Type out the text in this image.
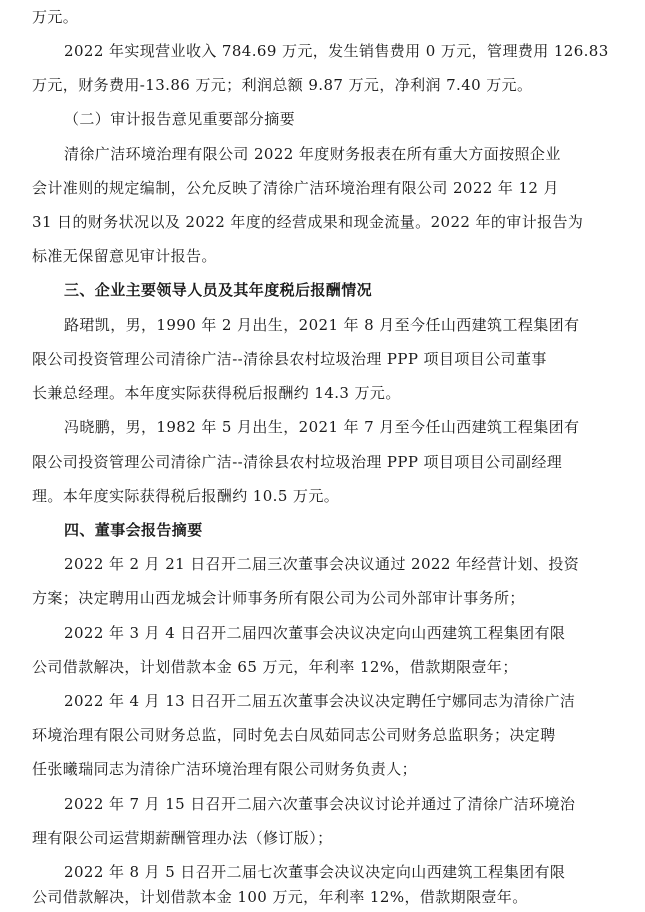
万元。
2022 年实现营业收入 784.69 万元，发生销售费用 0 万元，管理费用 126.83
万元，财务费用-13.86 万元；利润总额 9.87 万元，净利润 7.40 万元。
（二）审计报告意见重要部分摘要
清徐广洁环境治理有限公司 2022 年度财务报表在所有重大方面按照企业
会计准则的规定编制，公允反映了清徐广洁环境治理有限公司 2022 年 12 月
31 日的财务状况以及 2022 年度的经营成果和现金流量。2022 年的审计报告为
标准无保留意见审计报告。
三、企业主要领导人员及其年度税后报酬情况
路珺凯，男，1990 年 2 月出生，2021 年 8 月至今任山西建筑工程集团有
限公司投资管理公司清徐广洁--清徐县农村垃圾治理 PPP 项目项目公司董事
长兼总经理。本年度实际获得税后报酬约 14.3 万元。
冯晓鹏，男，1982 年 5 月出生，2021 年 7 月至今任山西建筑工程集团有
限公司投资管理公司清徐广洁--清徐县农村垃圾治理 PPP 项目项目公司副经理
理。本年度实际获得税后报酬约 10.5 万元。
四、董事会报告摘要
2022 年 2 月 21 日召开二届三次董事会决议通过 2022 年经营计划、投资
方案；决定聘用山西龙城会计师事务所有限公司为公司外部审计事务所；
2022 年 3 月 4 日召开二届四次董事会决议决定向山西建筑工程集团有限
公司借款解决，计划借款本金 65 万元，年利率 12%，借款期限壹年；
2022 年 4 月 13 日召开二届五次董事会决议决定聘任宁娜同志为清徐广洁
环境治理有限公司财务总监，同时免去白凤茹同志公司财务总监职务；决定聘
任张曦瑞同志为清徐广洁环境治理有限公司财务负责人；
2022 年 7 月 15 日召开二届六次董事会决议讨论并通过了清徐广洁环境治
理有限公司运营期薪酬管理办法（修订版）；
2022 年 8 月 5 日召开二届七次董事会决议决定向山西建筑工程集团有限
公司借款解决，计划借款本金 100 万元，年利率 12%，借款期限壹年。
